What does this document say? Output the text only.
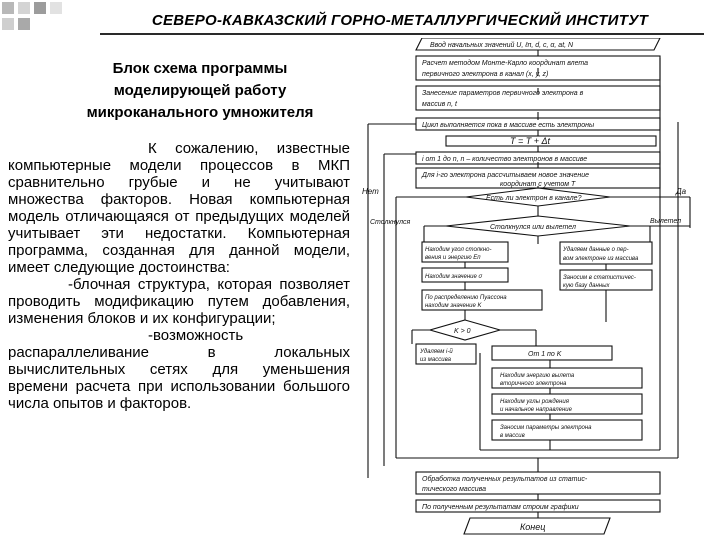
СЕВЕРО-КАВКАЗСКИЙ ГОРНО-МЕТАЛЛУРГИЧЕСКИЙ ИНСТИТУТ
Блок схема программы
моделирующей работу
микроканального умножителя

К сожалению, известные компьютерные модели процессов в МКП сравнительно грубые и не учитывают множества факторов. Новая компьютерная модель отличающаяся от предыдущих моделей учитывает эти недостатки. Компьютерная программа, созданная для данной модели, имеет следующие достоинства:

-блочная структура, которая позволяет проводить модификацию путем добавления, изменения блоков и их конфигурации;

-возможность распараллеливание в локальных вычислительных сетях для уменьшения времени расчета при использовании большого числа опытов и факторов.

Ввод начальных значений U, ℓп, d, c, α, at, N
Расчет методом Монте-Карло координат влета
первичного электрона в канал (x, y, z)
Занесение параметров первичного электрона в
массив n, t
Цикл выполняется пока в массиве есть электроны
T = T + Δt
i от 1 до n, n – количество электронов в массиве
Для i-го электрона рассчитываем новое значение
координат с учетом T
Есть ли электрон в канале?
Нет	Да
Столкнулся	Вылетел
Столкнулся или вылетел
Находим угол столкно-
вения и энергию Eп
Удаляем данные о пер-
вом электроне из массива
Находим значение σ	Заносим в статистичес-
кую базу данных
По распределению Пуассона
находим значение K
K > 0
Удаляем i-й
из массива
От 1 по K
Находим энергию вылета
вторичного электрона
Находим углы рождения
и начальное направление
Заносим параметры электрона
в массив
Обработка полученных результатов из статис-
тического массива
По полученным результатам строим графики
Конец
